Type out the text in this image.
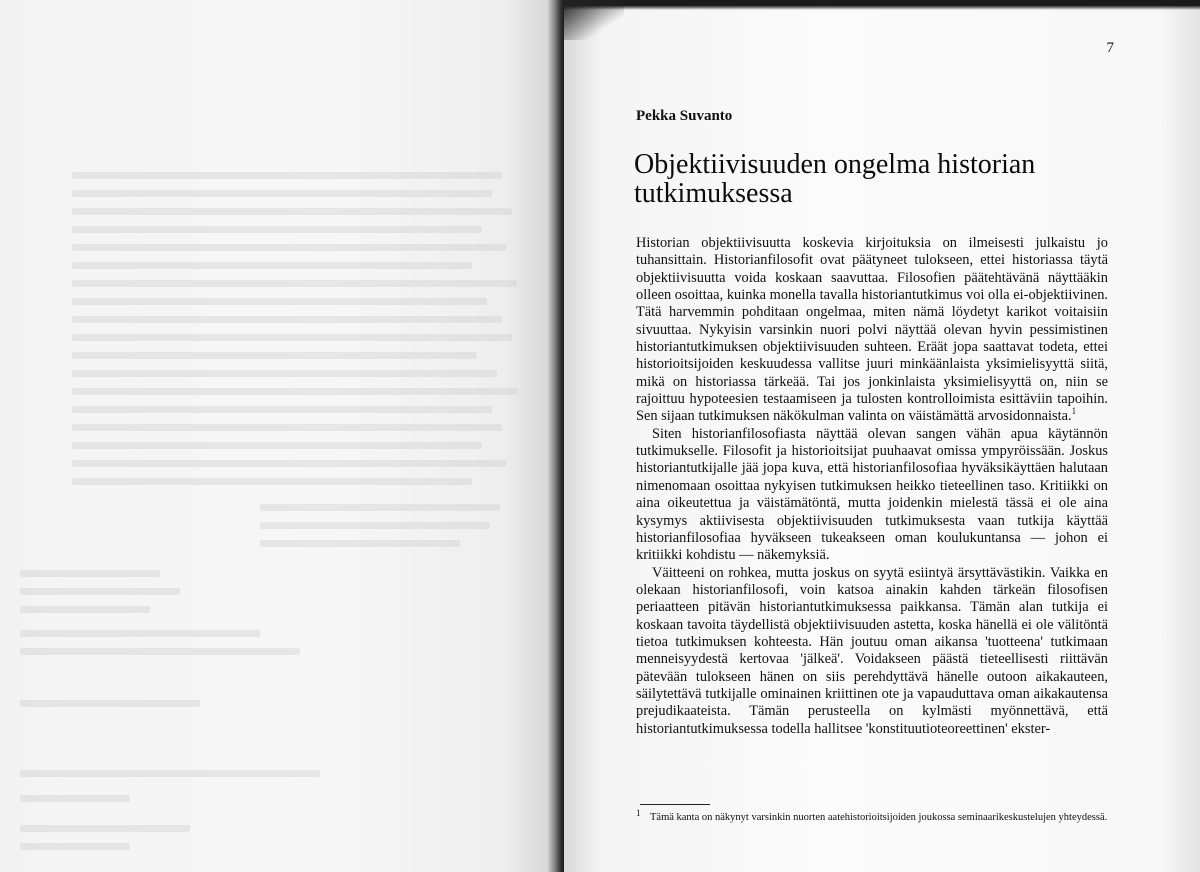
7
Pekka Suvanto
Objektiivisuuden ongelma historian tutkimuksessa

Historian objektiivisuutta koskevia kirjoituksia on ilmeisesti julkaistu jo tuhansittain. Historianfilosofit ovat päätyneet tulokseen, ettei historiassa täytä objektiivisuutta voida koskaan saavuttaa. Filosofien päätehtävänä näyttääkin olleen osoittaa, kuinka monella tavalla historiantutkimus voi olla ei-objektiivinen. Tätä harvemmin pohditaan ongelmaa, miten nämä löydetyt karikot voitaisiin sivuuttaa. Nykyisin varsinkin nuori polvi näyttää olevan hyvin pessimistinen historiantutkimuksen objektiivisuuden suhteen. Eräät jopa saattavat todeta, ettei historioitsijoiden keskuudessa vallitse juuri minkäänlaista yksimielisyyttä siitä, mikä on historiassa tärkeää. Tai jos jonkinlaista yksimielisyyttä on, niin se rajoittuu hypoteesien testaamiseen ja tulosten kontrolloimista esittäviin tapoihin. Sen sijaan tutkimuksen näkökulman valinta on väistämättä arvosidonnaista.$^1$

Siten historianfilosofiasta näyttää olevan sangen vähän apua käytännön tutkimukselle. Filosofit ja historioitsijat puuhaavat omissa ympyröissään. Joskus historiantutkijalle jää jopa kuva, että historianfilosofiaa hyväksikäyttäen halutaan nimenomaan osoittaa nykyisen tutkimuksen heikko tieteellinen taso. Kritiikki on aina oikeutettua ja väistämätöntä, mutta joidenkin mielestä tässä ei ole aina kysymys aktiivisesta objektiivisuuden tutkimuksesta vaan tutkija käyttää historianfilosofiaa hyväkseen tukeakseen oman koulukuntansa — johon ei kritiikki kohdistu — näkemyksiä.

Väitteeni on rohkea, mutta joskus on syytä esiintyä ärsyttävästikin. Vaikka en olekaan historianfilosofi, voin katsoa ainakin kahden tärkeän filosofisen periaatteen pitävän historiantutkimuksessa paikkansa. Tämän alan tutkija ei koskaan tavoita täydellistä objektiivisuuden astetta, koska hänellä ei ole välitöntä tietoa tutkimuksen kohteesta. Hän joutuu oman aikansa 'tuotteena' tutkimaan menneisyydestä kertovaa 'jälkeä'. Voidakseen päästä tieteellisesti riittävän pätevään tulokseen hänen on siis perehdyttävä hänelle outoon aikakauteen, säilytettävä tutkijalle ominainen kriittinen ote ja vapauduttava oman aikakautensa prejudikaateista. Tämän perusteella on kylmästi myönnettävä, että historiantutkimuksessa todella hallitsee 'konstituutioteoreettinen' ekster-

$^1$ Tämä kanta on näkynyt varsinkin nuorten aatehistorioitsijoiden joukossa seminaarikeskustelujen yhteydessä.
